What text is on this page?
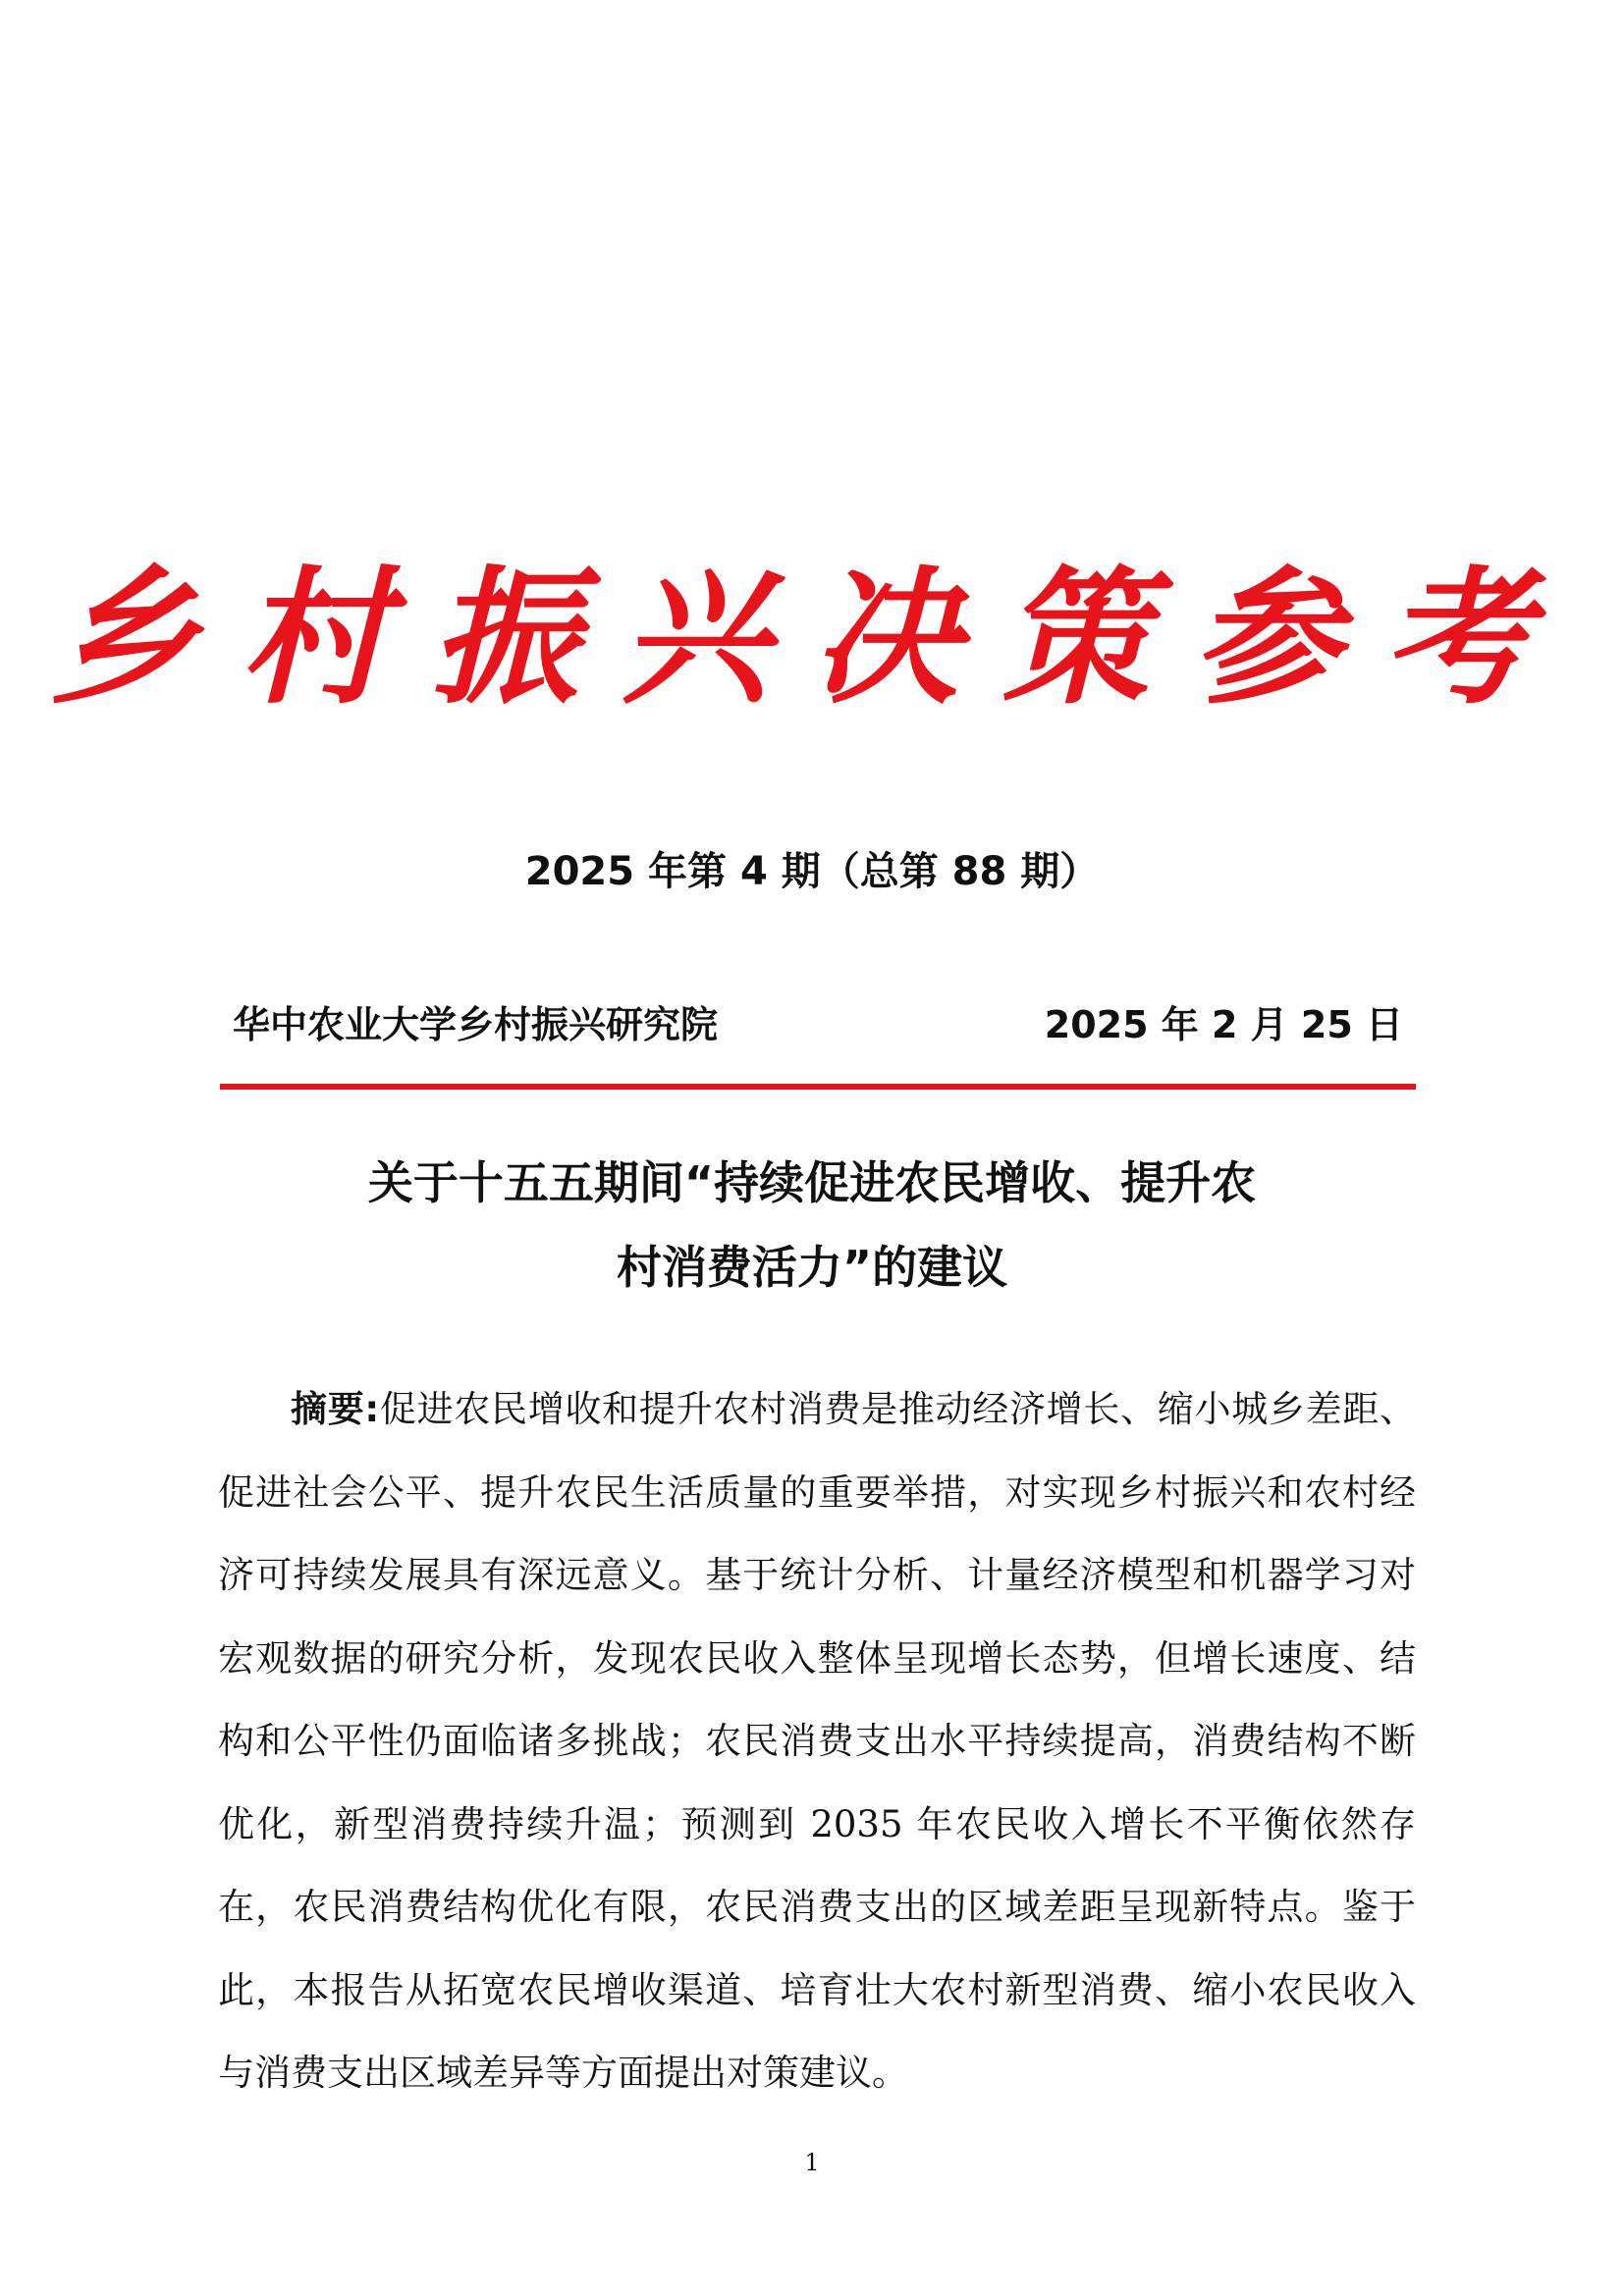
乡村振兴决策参考
2025 年第 4 期（总第 88 期）
华中农业大学乡村振兴研究院	2025 年 2 月 25 日
关于十五五期间“持续促进农民增收、提升农
村消费活力”的建议

摘要:促进农民增收和提升农村消费是推动经济增长、缩小城乡差距、促进社会公平、提升农民生活质量的重要举措，对实现乡村振兴和农村经济可持续发展具有深远意义。基于统计分析、计量经济模型和机器学习对宏观数据的研究分析，发现农民收入整体呈现增长态势，但增长速度、结构和公平性仍面临诸多挑战；农民消费支出水平持续提高，消费结构不断优化，新型消费持续升温；预测到 2035 年农民收入增长不平衡依然存在，农民消费结构优化有限，农民消费支出的区域差距呈现新特点。鉴于此，本报告从拓宽农民增收渠道、培育壮大农村新型消费、缩小农民收入与消费支出区域差异等方面提出对策建议。

1
